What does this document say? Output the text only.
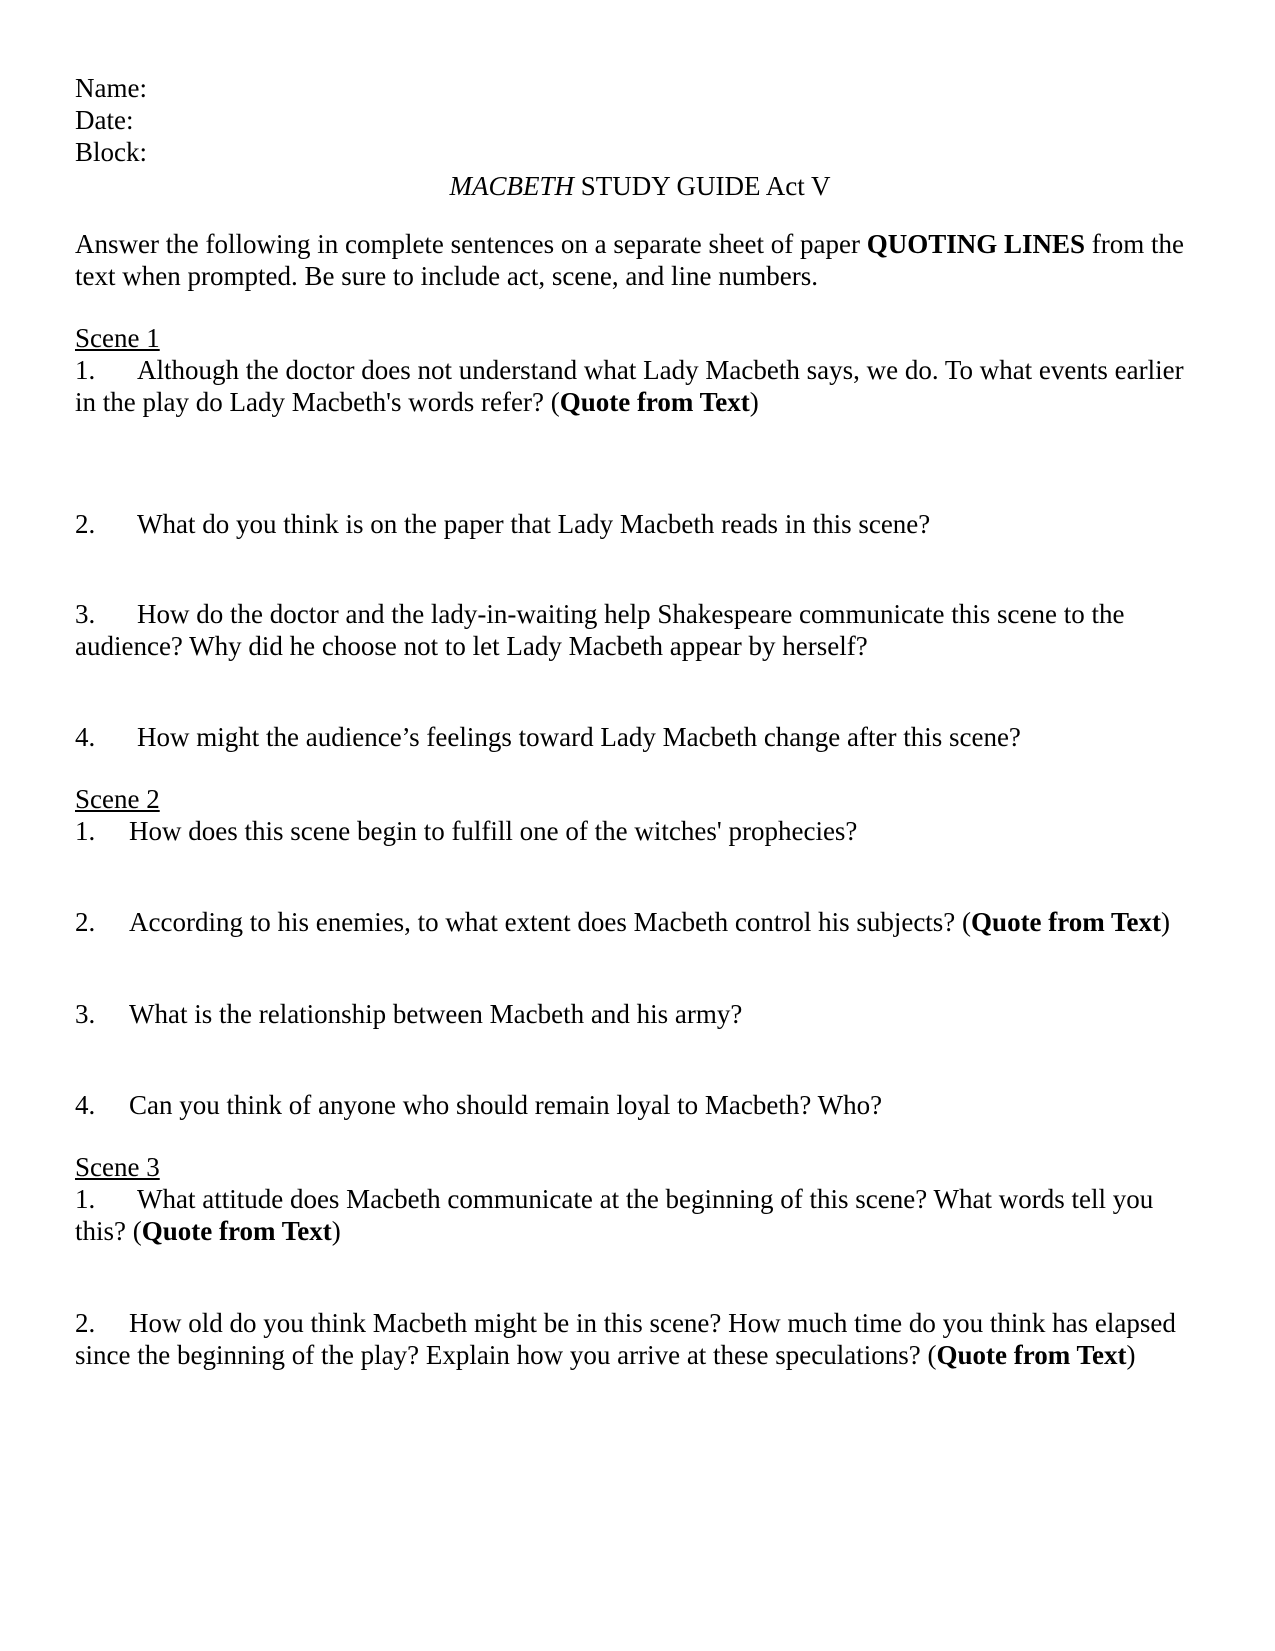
Name:
Date:
Block:
MACBETH STUDY GUIDE Act V
Answer the following in complete sentences on a separate sheet of paper QUOTING LINES from the text when prompted. Be sure to include act, scene, and line numbers.
Scene 1

1. Although the doctor does not understand what Lady Macbeth says, we do. To what events earlier in the play do Lady Macbeth's words refer? (Quote from Text)

2. What do you think is on the paper that Lady Macbeth reads in this scene?

3. How do the doctor and the lady-in-waiting help Shakespeare communicate this scene to the audience? Why did he choose not to let Lady Macbeth appear by herself?

4. How might the audience’s feelings toward Lady Macbeth change after this scene?

Scene 2

1. How does this scene begin to fulfill one of the witches' prophecies?

2. According to his enemies, to what extent does Macbeth control his subjects? (Quote from Text)

3. What is the relationship between Macbeth and his army?

4. Can you think of anyone who should remain loyal to Macbeth? Who?

Scene 3

1. What attitude does Macbeth communicate at the beginning of this scene? What words tell you this? (Quote from Text)

2. How old do you think Macbeth might be in this scene? How much time do you think has elapsed since the beginning of the play? Explain how you arrive at these speculations? (Quote from Text)
